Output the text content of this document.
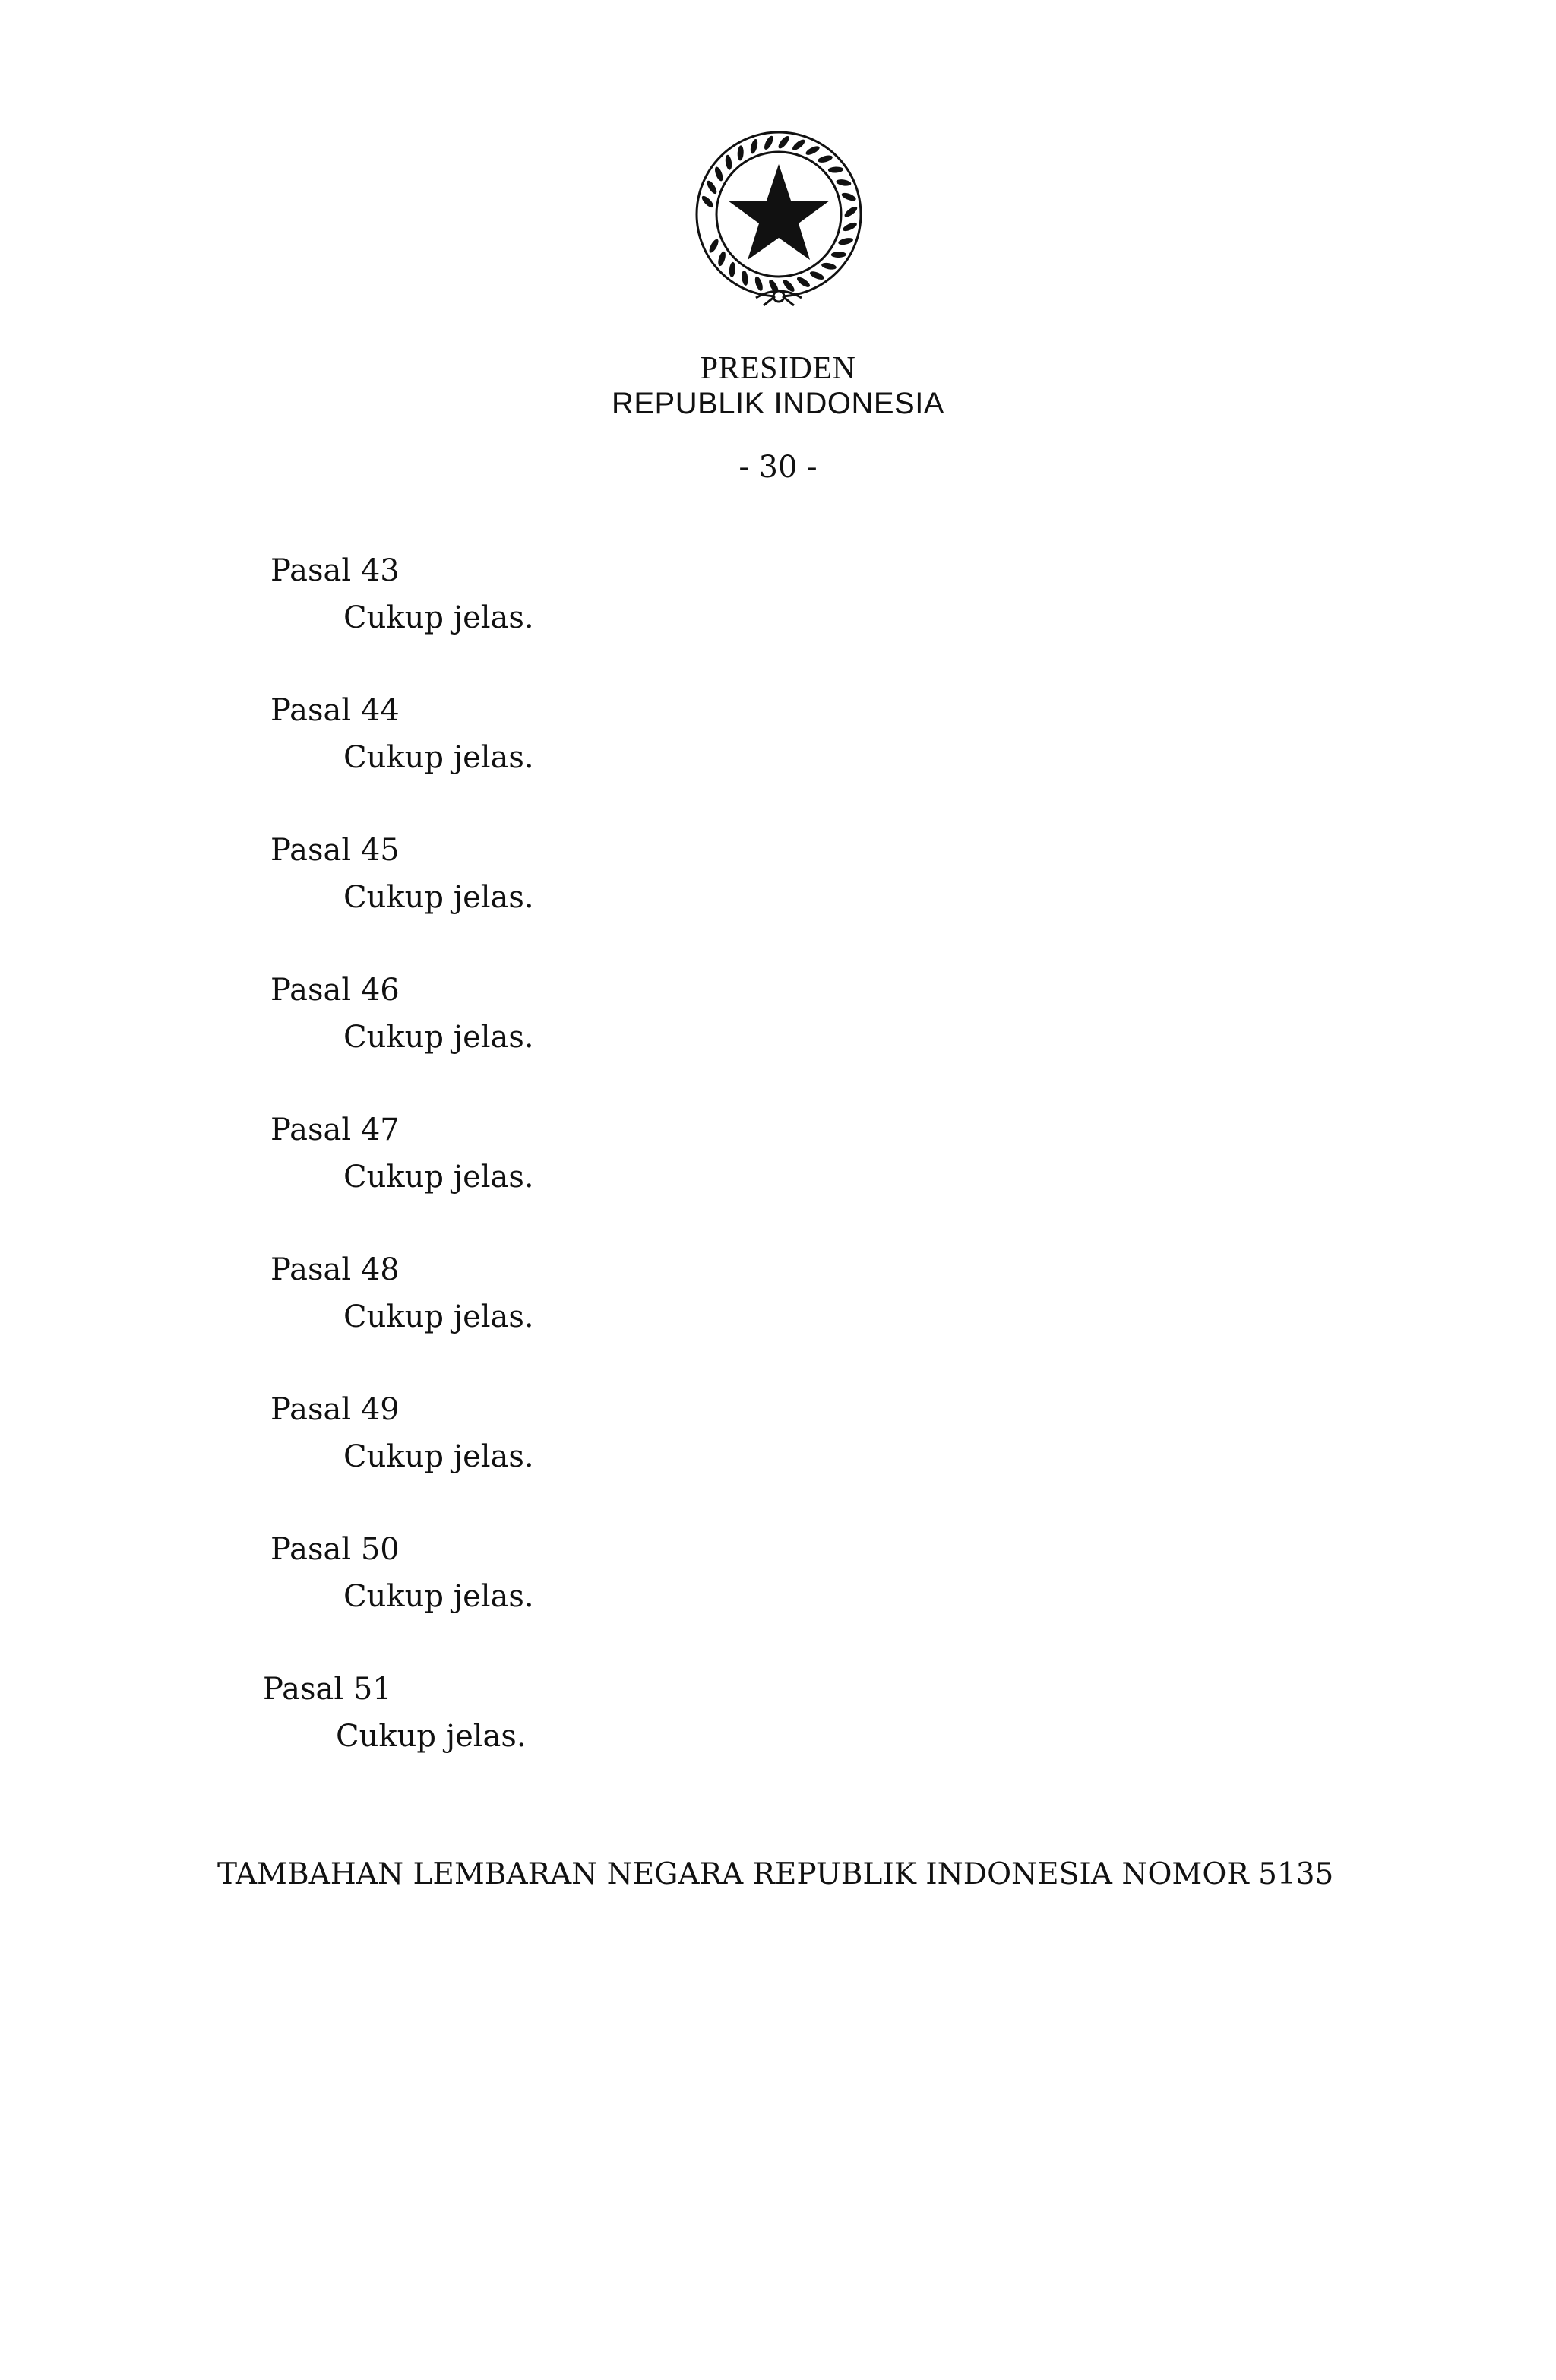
PRESIDEN
REPUBLIK INDONESIA
- 30 -
Pasal 43
Cukup jelas.
Pasal 44
Cukup jelas.
Pasal 45
Cukup jelas.
Pasal 46
Cukup jelas.
Pasal 47
Cukup jelas.
Pasal 48
Cukup jelas.
Pasal 49
Cukup jelas.
Pasal 50
Cukup jelas.
Pasal 51
Cukup jelas.
TAMBAHAN LEMBARAN NEGARA REPUBLIK INDONESIA NOMOR 5135
